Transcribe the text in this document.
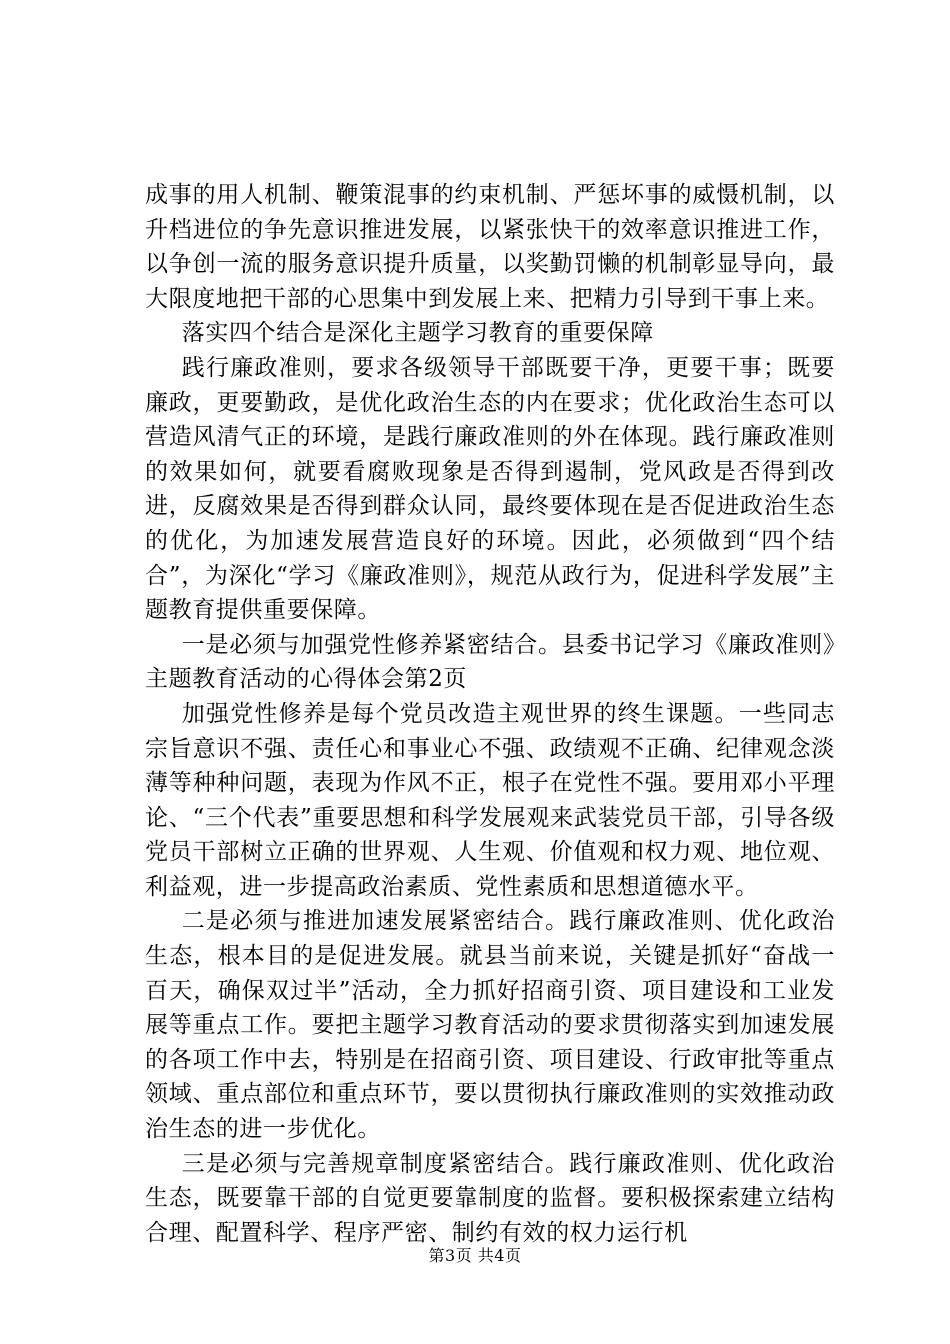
成事的用人机制、鞭策混事的约束机制、严惩坏事的威慑机制，以升档进位的争先意识推进发展，以紧张快干的效率意识推进工作，以争创一流的服务意识提升质量，以奖勤罚懒的机制彰显导向，最大限度地把干部的心思集中到发展上来、把精力引导到干事上来。

落实四个结合是深化主题学习教育的重要保障

践行廉政准则，要求各级领导干部既要干净，更要干事；既要廉政，更要勤政，是优化政治生态的内在要求；优化政治生态可以营造风清气正的环境，是践行廉政准则的外在体现。践行廉政准则的效果如何，就要看腐败现象是否得到遏制，党风政是否得到改进，反腐效果是否得到群众认同，最终要体现在是否促进政治生态的优化，为加速发展营造良好的环境。因此，必须做到“四个结合”，为深化“学习《廉政准则》，规范从政行为，促进科学发展”主题教育提供重要保障。

一是必须与加强党性修养紧密结合。县委书记学习《廉政准则》主题教育活动的心得体会第2页

加强党性修养是每个党员改造主观世界的终生课题。一些同志宗旨意识不强、责任心和事业心不强、政绩观不正确、纪律观念淡薄等种种问题，表现为作风不正，根子在党性不强。要用邓小平理论、“三个代表”重要思想和科学发展观来武装党员干部，引导各级党员干部树立正确的世界观、人生观、价值观和权力观、地位观、利益观，进一步提高政治素质、党性素质和思想道德水平。

二是必须与推进加速发展紧密结合。践行廉政准则、优化政治生态，根本目的是促进发展。就县当前来说，关键是抓好“奋战一百天，确保双过半”活动，全力抓好招商引资、项目建设和工业发展等重点工作。要把主题学习教育活动的要求贯彻落实到加速发展的各项工作中去，特别是在招商引资、项目建设、行政审批等重点领域、重点部位和重点环节，要以贯彻执行廉政准则的实效推动政治生态的进一步优化。

三是必须与完善规章制度紧密结合。践行廉政准则、优化政治生态，既要靠干部的自觉更要靠制度的监督。要积极探索建立结构合理、配置科学、程序严密、制约有效的权力运行机

第3页 共4页
